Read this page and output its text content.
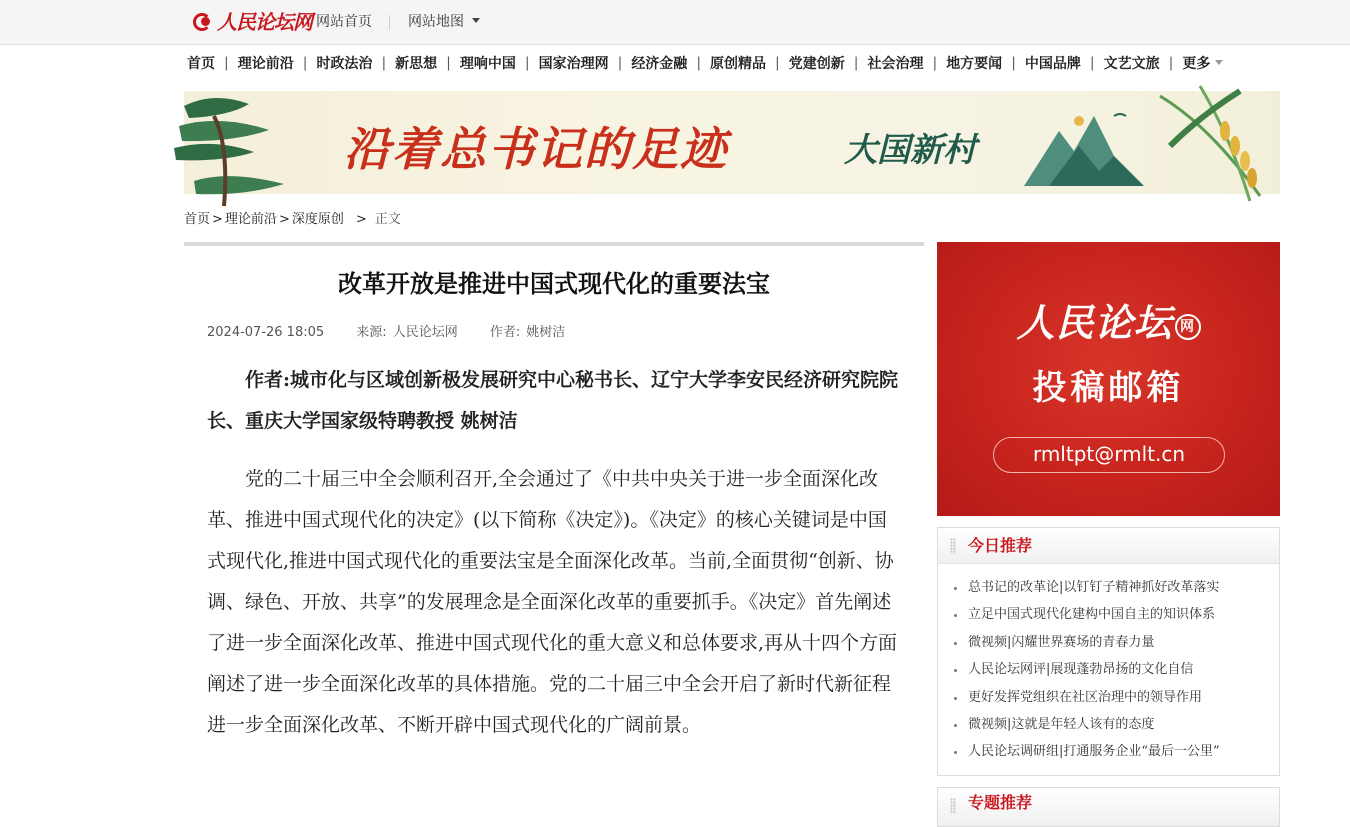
人民论坛网 网站首页	网站地图
首页 | 理论前沿 | 时政法治 | 新思想 | 理响中国 | 国家治理网 | 经济金融 | 原创精品 | 党建创新 | 社会治理 | 地方要闻 | 中国品牌 | 文艺文旅 | 更多
沿着总书记的足迹	大国新村
首页 > 理论前沿 > 深度原创 > 正文
改革开放是推进中国式现代化的重要法宝
2024-07-26 18:05 来源: 人民论坛网 作者: 姚树洁

作者:城市化与区域创新极发展研究中心秘书长、辽宁大学李安民经济研究院院长、重庆大学国家级特聘教授 姚树洁

党的二十届三中全会顺利召开,全会通过了《中共中央关于进一步全面深化改革、推进中国式现代化的决定》(以下简称《决定》)。《决定》的核心关键词是中国式现代化,推进中国式现代化的重要法宝是全面深化改革。当前,全面贯彻“创新、协调、绿色、开放、共享”的发展理念是全面深化改革的重要抓手。《决定》首先阐述了进一步全面深化改革、推进中国式现代化的重大意义和总体要求,再从十四个方面阐述了进一步全面深化改革的具体措施。党的二十届三中全会开启了新时代新征程进一步全面深化改革、不断开辟中国式现代化的广阔前景。

人民论坛 网
投稿邮箱
rmltpt@rmlt.cn
今日推荐
总书记的改革论|以钉钉子精神抓好改革落实
立足中国式现代化建构中国自主的知识体系
微视频|闪耀世界赛场的青春力量
人民论坛网评|展现蓬勃昂扬的文化自信
更好发挥党组织在社区治理中的领导作用
微视频|这就是年轻人该有的态度
人民论坛调研组|打通服务企业“最后一公里”
专题推荐
